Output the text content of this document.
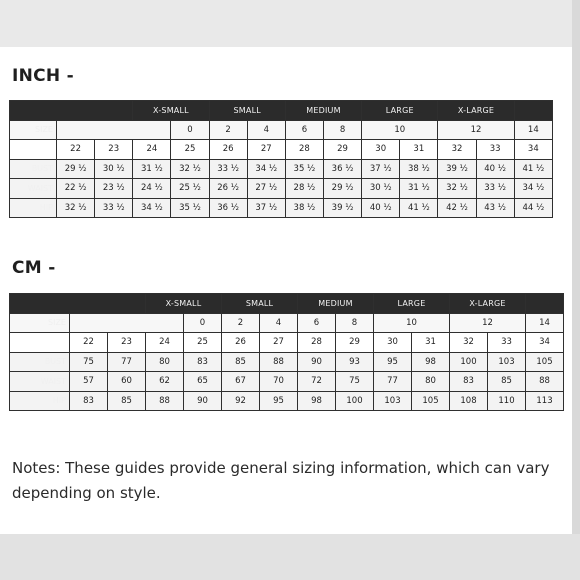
INCH -
			X-SMALL		SMALL		MEDIUM		LARGE		X-LARGE		
SIZE				0	2	4	6	8	10		12		14
	22	23	24	25	26	27	28	29	30	31	32	33	34
BUST	29 ½	30 ½	31 ½	32 ½	33 ½	34 ½	35 ½	36 ½	37 ½	38 ½	39 ½	40 ½	41 ½
WAIST	22 ½	23 ½	24 ½	25 ½	26 ½	27 ½	28 ½	29 ½	30 ½	31 ½	32 ½	33 ½	34 ½
HIP	32 ½	33 ½	34 ½	35 ½	36 ½	37 ½	38 ½	39 ½	40 ½	41 ½	42 ½	43 ½	44 ½
CM -
			X-SMALL		SMALL		MEDIUM		LARGE		X-LARGE		
SIZE				0	2	4	6	8	10		12		14
	22	23	24	25	26	27	28	29	30	31	32	33	34
BUST	75	77	80	83	85	88	90	93	95	98	100	103	105
WAIST	57	60	62	65	67	70	72	75	77	80	83	85	88
HIP	83	85	88	90	92	95	98	100	103	105	108	110	113
Notes: These guides provide general sizing information, which can vary depending on style.
